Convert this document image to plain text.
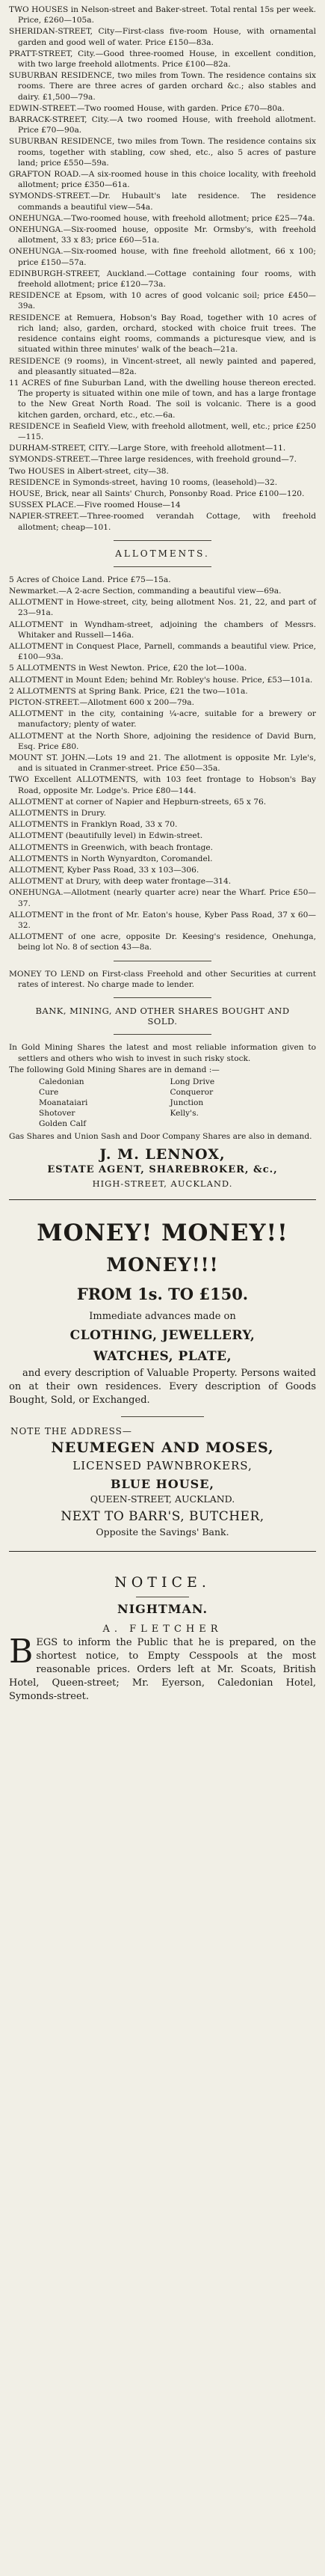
TWO HOUSES in Nelson-street and Baker-street. Total rental 15s per week. Price, £260—105a.
SHERIDAN-STREET, City—First-class five-room House, with ornamental garden and good well of water. Price £150—83a.
PRATT-STREET, City.—Good three-roomed House, in excellent condition, with two large freehold allotments. Price £100—82a.
SUBURBAN RESIDENCE, two miles from Town. The residence contains six rooms. There are three acres of garden orchard &c.; also stables and dairy. £1,500—79a.
EDWIN-STREET.—Two roomed House, with garden. Price £70—80a.
BARRACK-STREET, City.—A two roomed House, with freehold allotment. Price £70—90a.
SUBURBAN RESIDENCE, two miles from Town. The residence contains six rooms, together with stabling, cow shed, etc., also 5 acres of pasture land; price £550—59a.
GRAFTON ROAD.—A six-roomed house in this choice locality, with freehold allotment; price £350—61a.
SYMONDS-STREET.—Dr. Hubault's late residence. The residence commands a beautiful view—54a.
ONEHUNGA.—Two-roomed house, with freehold allotment; price £25—74a.
ONEHUNGA.—Six-roomed house, opposite Mr. Ormsby's, with freehold allotment, 33 x 83; price £60—51a.
ONEHUNGA.—Six-roomed house, with fine freehold allotment, 66 x 100; price £150—57a.
EDINBURGH-STREET, Auckland.—Cottage containing four rooms, with freehold allotment; price £120—73a.
RESIDENCE at Epsom, with 10 acres of good volcanic soil; price £450—39a.
RESIDENCE at Remuera, Hobson's Bay Road, together with 10 acres of rich land; also, garden, orchard, stocked with choice fruit trees. The residence contains eight rooms, commands a picturesque view, and is situated within three minutes' walk of the beach—21a.
RESIDENCE (9 rooms), in Vincent-street, all newly painted and papered, and pleasantly situated—82a.
11 ACRES of fine Suburban Land, with the dwelling house thereon erected. The property is situated within one mile of town, and has a large frontage to the New Great North Road. The soil is volcanic. There is a good kitchen garden, orchard, etc., etc.—6a.
RESIDENCE in Seafield View, with freehold allotment, well, etc.; price £250—115.
DURHAM-STREET, CITY.—Large Store, with freehold allotment—11.
SYMONDS-STREET.—Three large residences, with freehold ground—7.
Two HOUSES in Albert-street, city—38.
RESIDENCE in Symonds-street, having 10 rooms, (leasehold)—32.
HOUSE, Brick, near all Saints' Church, Ponsonby Road. Price £100—120.
SUSSEX PLACE.—Five roomed House—14
NAPIER-STREET.—Three-roomed verandah Cottage, with freehold allotment; cheap—101.
ALLOTMENTS.
5 Acres of Choice Land. Price £75—15a.
Newmarket.—A 2-acre Section, commanding a beautiful view—69a.
ALLOTMENT in Howe-street, city, being allotment Nos. 21, 22, and part of 23—91a.
ALLOTMENT in Wyndham-street, adjoining the chambers of Messrs. Whitaker and Russell—146a.
ALLOTMENT in Conquest Place, Parnell, commands a beautiful view. Price, £100—93a.
5 ALLOTMENTS in West Newton. Price, £20 the lot—100a.
ALLOTMENT in Mount Eden; behind Mr. Robley's house. Price, £53—101a.
2 ALLOTMENTS at Spring Bank. Price, £21 the two—101a.
PICTON-STREET.—Allotment 600 x 200—79a.
ALLOTMENT in the city, containing ¼-acre, suitable for a brewery or manufactory; plenty of water.
ALLOTMENT at the North Shore, adjoining the residence of David Burn, Esq. Price £80.
MOUNT ST. JOHN.—Lots 19 and 21. The allotment is opposite Mr. Lyle's, and is situated in Cranmer-street. Price £50—35a.
TWO Excellent ALLOTMENTS, with 103 feet frontage to Hobson's Bay Road, opposite Mr. Lodge's. Price £80—144.
ALLOTMENT at corner of Napier and Hepburn-streets, 65 x 76.
ALLOTMENTS in Drury.
ALLOTMENTS in Franklyn Road, 33 x 70.
ALLOTMENT (beautifully level) in Edwin-street.
ALLOTMENTS in Greenwich, with beach frontage.
ALLOTMENTS in North Wynyardton, Coromandel.
ALLOTMENT, Kyber Pass Road, 33 x 103—306.
ALLOTMENT at Drury, with deep water frontage—314.
ONEHUNGA.—Allotment (nearly quarter acre) near the Wharf. Price £50—37.
ALLOTMENT in the front of Mr. Eaton's house, Kyber Pass Road, 37 x 60—32.
ALLOTMENT of one acre, opposite Dr. Keesing's residence, Onehunga, being lot No. 8 of section 43—8a.
MONEY TO LEND on First-class Freehold and other Securities at current rates of interest. No charge made to lender.
BANK, MINING, AND OTHER SHARES BOUGHT AND SOLD.
In Gold Mining Shares the latest and most reliable information given to settlers and others who wish to invest in such risky stock.
The following Gold Mining Shares are in demand :—
Caledonian
Cure
Moanataiari
Shotover
Golden Calf
Long Drive
Conqueror
Junction
Kelly's.
Gas Shares and Union Sash and Door Company Shares are also in demand.
J. M. LENNOX,
ESTATE AGENT, SHAREBROKER, &c.,
HIGH-STREET, AUCKLAND.
MONEY! MONEY!!
MONEY!!!
FROM 1s. TO £150.
Immediate advances made on
CLOTHING, JEWELLERY,
WATCHES, PLATE,
and every description of Valuable Property. Persons waited on at their own residences. Every description of Goods Bought, Sold, or Exchanged.
NOTE THE ADDRESS—
NEUMEGEN AND MOSES,
LICENSED PAWNBROKERS,
BLUE HOUSE,
QUEEN-STREET, AUCKLAND.
NEXT TO BARR'S, BUTCHER,
Opposite the Savings' Bank.
NOTICE.
NIGHTMAN.
A. FLETCHER
B EGS to inform the Public that he is prepared, on the shortest notice, to Empty Cesspools at the most reasonable prices. Orders left at Mr. Scoats, British Hotel, Queen-street; Mr. Eyerson, Caledonian Hotel, Symonds-street.
